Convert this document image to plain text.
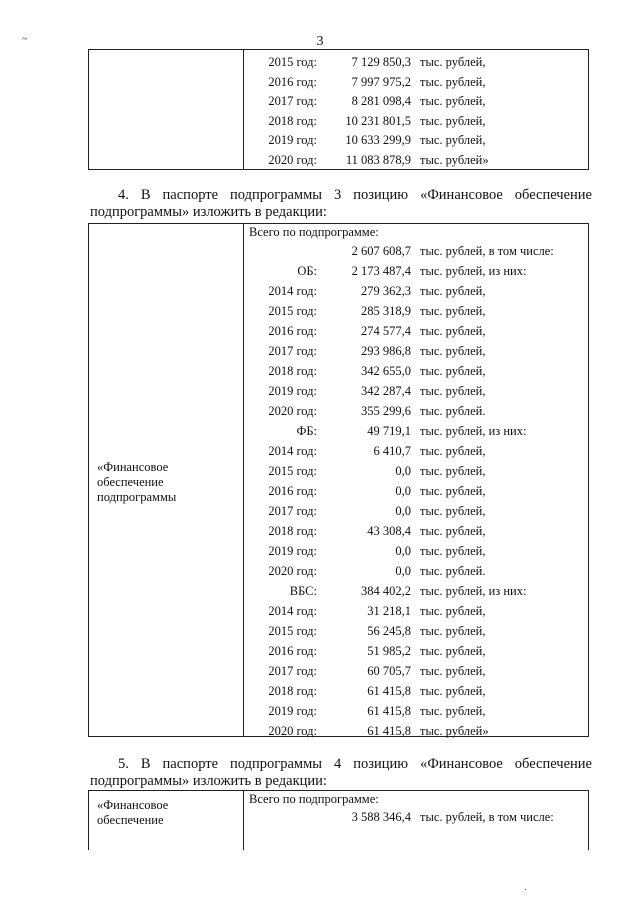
3
~
2015 год:	7 129 850,3 тыс. рублей,
2016 год:	7 997 975,2 тыс. рублей,
2017 год:	8 281 098,4 тыс. рублей,
2018 год:	10 231 801,5 тыс. рублей,
2019 год:	10 633 299,9 тыс. рублей,
2020 год:	11 083 878,9 тыс. рублей»
4. В паспорте подпрограммы 3 позицию «Финансовое обеспечение
подпрограммы» изложить в редакции:
«Финансовое
обеспечение
подпрограммы
Всего по подпрограмме:
2 607 608,7 тыс. рублей, в том числе:
ОБ:	2 173 487,4 тыс. рублей, из них:
2014 год:	279 362,3 тыс. рублей,
2015 год:	285 318,9 тыс. рублей,
2016 год:	274 577,4 тыс. рублей,
2017 год:	293 986,8 тыс. рублей,
2018 год:	342 655,0 тыс. рублей,
2019 год:	342 287,4 тыс. рублей,
2020 год:	355 299,6 тыс. рублей.
ФБ:	49 719,1 тыс. рублей, из них:
2014 год:	6 410,7 тыс. рублей,
2015 год:	0,0 тыс. рублей,
2016 год:	0,0 тыс. рублей,
2017 год:	0,0 тыс. рублей,
2018 год:	43 308,4 тыс. рублей,
2019 год:	0,0 тыс. рублей,
2020 год:	0,0 тыс. рублей.
ВБС:	384 402,2 тыс. рублей, из них:
2014 год:	31 218,1 тыс. рублей,
2015 год:	56 245,8 тыс. рублей,
2016 год:	51 985,2 тыс. рублей,
2017 год:	60 705,7 тыс. рублей,
2018 год:	61 415,8 тыс. рублей,
2019 год:	61 415,8 тыс. рублей,
2020 год:	61 415,8 тыс. рублей»
5. В паспорте подпрограммы 4 позицию «Финансовое обеспечение
подпрограммы» изложить в редакции:
«Финансовое
обеспечение
Всего по подпрограмме:
3 588 346,4 тыс. рублей, в том числе:
·
